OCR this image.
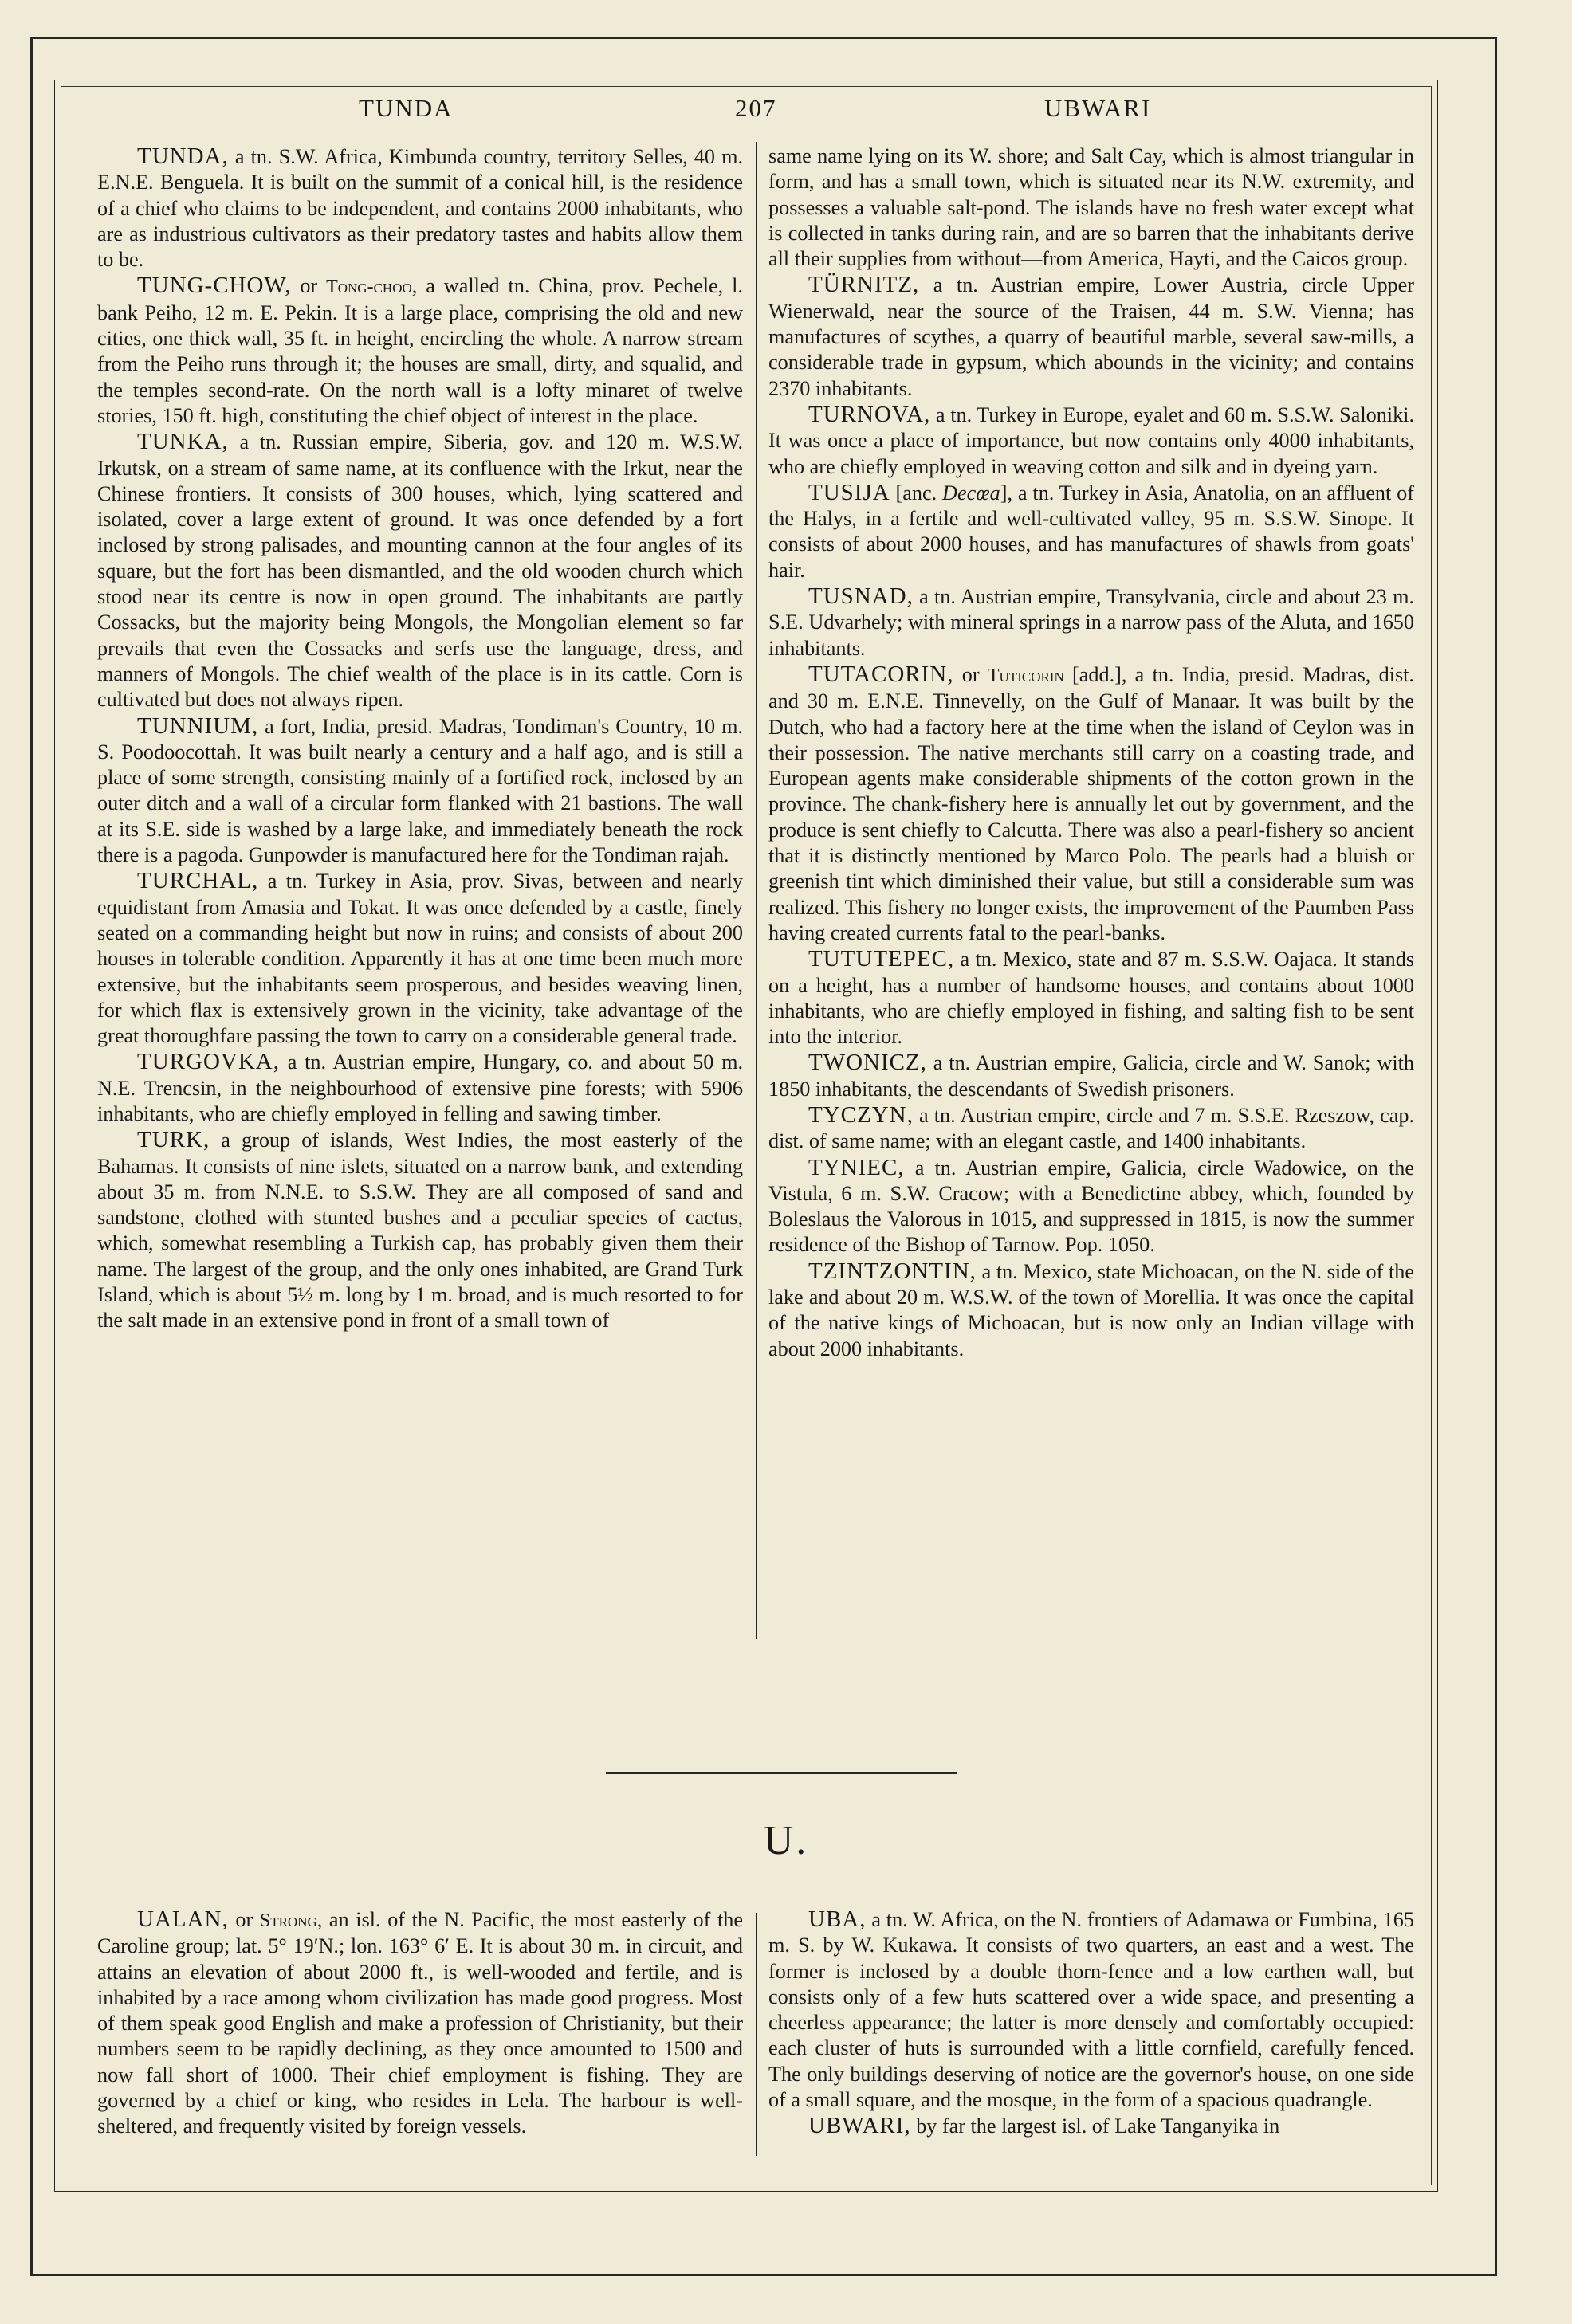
TUNDA	207	UBWARI

TUNDA, a tn. S.W. Africa, Kimbunda country, territory Selles, 40 m. E.N.E. Benguela. It is built on the summit of a conical hill, is the residence of a chief who claims to be independent, and contains 2000 inhabitants, who are as industrious cultivators as their predatory tastes and habits allow them to be.

TUNG-CHOW, or Tong-choo, a walled tn. China, prov. Pechele, l. bank Peiho, 12 m. E. Pekin. It is a large place, comprising the old and new cities, one thick wall, 35 ft. in height, encircling the whole. A narrow stream from the Peiho runs through it; the houses are small, dirty, and squalid, and the temples second-rate. On the north wall is a lofty minaret of twelve stories, 150 ft. high, constituting the chief object of interest in the place.

TUNKA, a tn. Russian empire, Siberia, gov. and 120 m. W.S.W. Irkutsk, on a stream of same name, at its confluence with the Irkut, near the Chinese frontiers. It consists of 300 houses, which, lying scattered and isolated, cover a large extent of ground. It was once defended by a fort inclosed by strong palisades, and mounting cannon at the four angles of its square, but the fort has been dismantled, and the old wooden church which stood near its centre is now in open ground. The inhabitants are partly Cossacks, but the majority being Mongols, the Mongolian element so far prevails that even the Cossacks and serfs use the language, dress, and manners of Mongols. The chief wealth of the place is in its cattle. Corn is cultivated but does not always ripen.

TUNNIUM, a fort, India, presid. Madras, Tondiman's Country, 10 m. S. Poodoocottah. It was built nearly a century and a half ago, and is still a place of some strength, consisting mainly of a fortified rock, inclosed by an outer ditch and a wall of a circular form flanked with 21 bastions. The wall at its S.E. side is washed by a large lake, and immediately beneath the rock there is a pagoda. Gunpowder is manufactured here for the Tondiman rajah.

TURCHAL, a tn. Turkey in Asia, prov. Sivas, between and nearly equidistant from Amasia and Tokat. It was once defended by a castle, finely seated on a commanding height but now in ruins; and consists of about 200 houses in tolerable condition. Apparently it has at one time been much more extensive, but the inhabitants seem prosperous, and besides weaving linen, for which flax is extensively grown in the vicinity, take advantage of the great thoroughfare passing the town to carry on a considerable general trade.

TURGOVKA, a tn. Austrian empire, Hungary, co. and about 50 m. N.E. Trencsin, in the neighbourhood of extensive pine forests; with 5906 inhabitants, who are chiefly employed in felling and sawing timber.

TURK, a group of islands, West Indies, the most easterly of the Bahamas. It consists of nine islets, situated on a narrow bank, and extending about 35 m. from N.N.E. to S.S.W. They are all composed of sand and sandstone, clothed with stunted bushes and a peculiar species of cactus, which, somewhat resembling a Turkish cap, has probably given them their name. The largest of the group, and the only ones inhabited, are Grand Turk Island, which is about 5½ m. long by 1 m. broad, and is much resorted to for the salt made in an extensive pond in front of a small town of

same name lying on its W. shore; and Salt Cay, which is almost triangular in form, and has a small town, which is situated near its N.W. extremity, and possesses a valuable salt-pond. The islands have no fresh water except what is collected in tanks during rain, and are so barren that the inhabitants derive all their supplies from without—from America, Hayti, and the Caicos group.

TÜRNITZ, a tn. Austrian empire, Lower Austria, circle Upper Wienerwald, near the source of the Traisen, 44 m. S.W. Vienna; has manufactures of scythes, a quarry of beautiful marble, several saw-mills, a considerable trade in gypsum, which abounds in the vicinity; and contains 2370 inhabitants.

TURNOVA, a tn. Turkey in Europe, eyalet and 60 m. S.S.W. Saloniki. It was once a place of importance, but now contains only 4000 inhabitants, who are chiefly employed in weaving cotton and silk and in dyeing yarn.

TUSIJA [anc. Decœa], a tn. Turkey in Asia, Anatolia, on an affluent of the Halys, in a fertile and well-cultivated valley, 95 m. S.S.W. Sinope. It consists of about 2000 houses, and has manufactures of shawls from goats' hair.

TUSNAD, a tn. Austrian empire, Transylvania, circle and about 23 m. S.E. Udvarhely; with mineral springs in a narrow pass of the Aluta, and 1650 inhabitants.

TUTACORIN, or Tuticorin [add.], a tn. India, presid. Madras, dist. and 30 m. E.N.E. Tinnevelly, on the Gulf of Manaar. It was built by the Dutch, who had a factory here at the time when the island of Ceylon was in their possession. The native merchants still carry on a coasting trade, and European agents make considerable shipments of the cotton grown in the province. The chank-fishery here is annually let out by government, and the produce is sent chiefly to Calcutta. There was also a pearl-fishery so ancient that it is distinctly mentioned by Marco Polo. The pearls had a bluish or greenish tint which diminished their value, but still a considerable sum was realized. This fishery no longer exists, the improvement of the Paumben Pass having created currents fatal to the pearl-banks.

TUTUTEPEC, a tn. Mexico, state and 87 m. S.S.W. Oajaca. It stands on a height, has a number of handsome houses, and contains about 1000 inhabitants, who are chiefly employed in fishing, and salting fish to be sent into the interior.

TWONICZ, a tn. Austrian empire, Galicia, circle and W. Sanok; with 1850 inhabitants, the descendants of Swedish prisoners.

TYCZYN, a tn. Austrian empire, circle and 7 m. S.S.E. Rzeszow, cap. dist. of same name; with an elegant castle, and 1400 inhabitants.

TYNIEC, a tn. Austrian empire, Galicia, circle Wadowice, on the Vistula, 6 m. S.W. Cracow; with a Benedictine abbey, which, founded by Boleslaus the Valorous in 1015, and suppressed in 1815, is now the summer residence of the Bishop of Tarnow. Pop. 1050.

TZINTZONTIN, a tn. Mexico, state Michoacan, on the N. side of the lake and about 20 m. W.S.W. of the town of Morellia. It was once the capital of the native kings of Michoacan, but is now only an Indian village with about 2000 inhabitants.

U.

UALAN, or Strong, an isl. of the N. Pacific, the most easterly of the Caroline group; lat. 5° 19′N.; lon. 163° 6′ E. It is about 30 m. in circuit, and attains an elevation of about 2000 ft., is well-wooded and fertile, and is inhabited by a race among whom civilization has made good progress. Most of them speak good English and make a profession of Christianity, but their numbers seem to be rapidly declining, as they once amounted to 1500 and now fall short of 1000. Their chief employment is fishing. They are governed by a chief or king, who resides in Lela. The harbour is well-sheltered, and frequently visited by foreign vessels.

UBA, a tn. W. Africa, on the N. frontiers of Adamawa or Fumbina, 165 m. S. by W. Kukawa. It consists of two quarters, an east and a west. The former is inclosed by a double thorn-fence and a low earthen wall, but consists only of a few huts scattered over a wide space, and presenting a cheerless appearance; the latter is more densely and comfortably occupied: each cluster of huts is surrounded with a little cornfield, carefully fenced. The only buildings deserving of notice are the governor's house, on one side of a small square, and the mosque, in the form of a spacious quadrangle.

UBWARI, by far the largest isl. of Lake Tanganyika in
